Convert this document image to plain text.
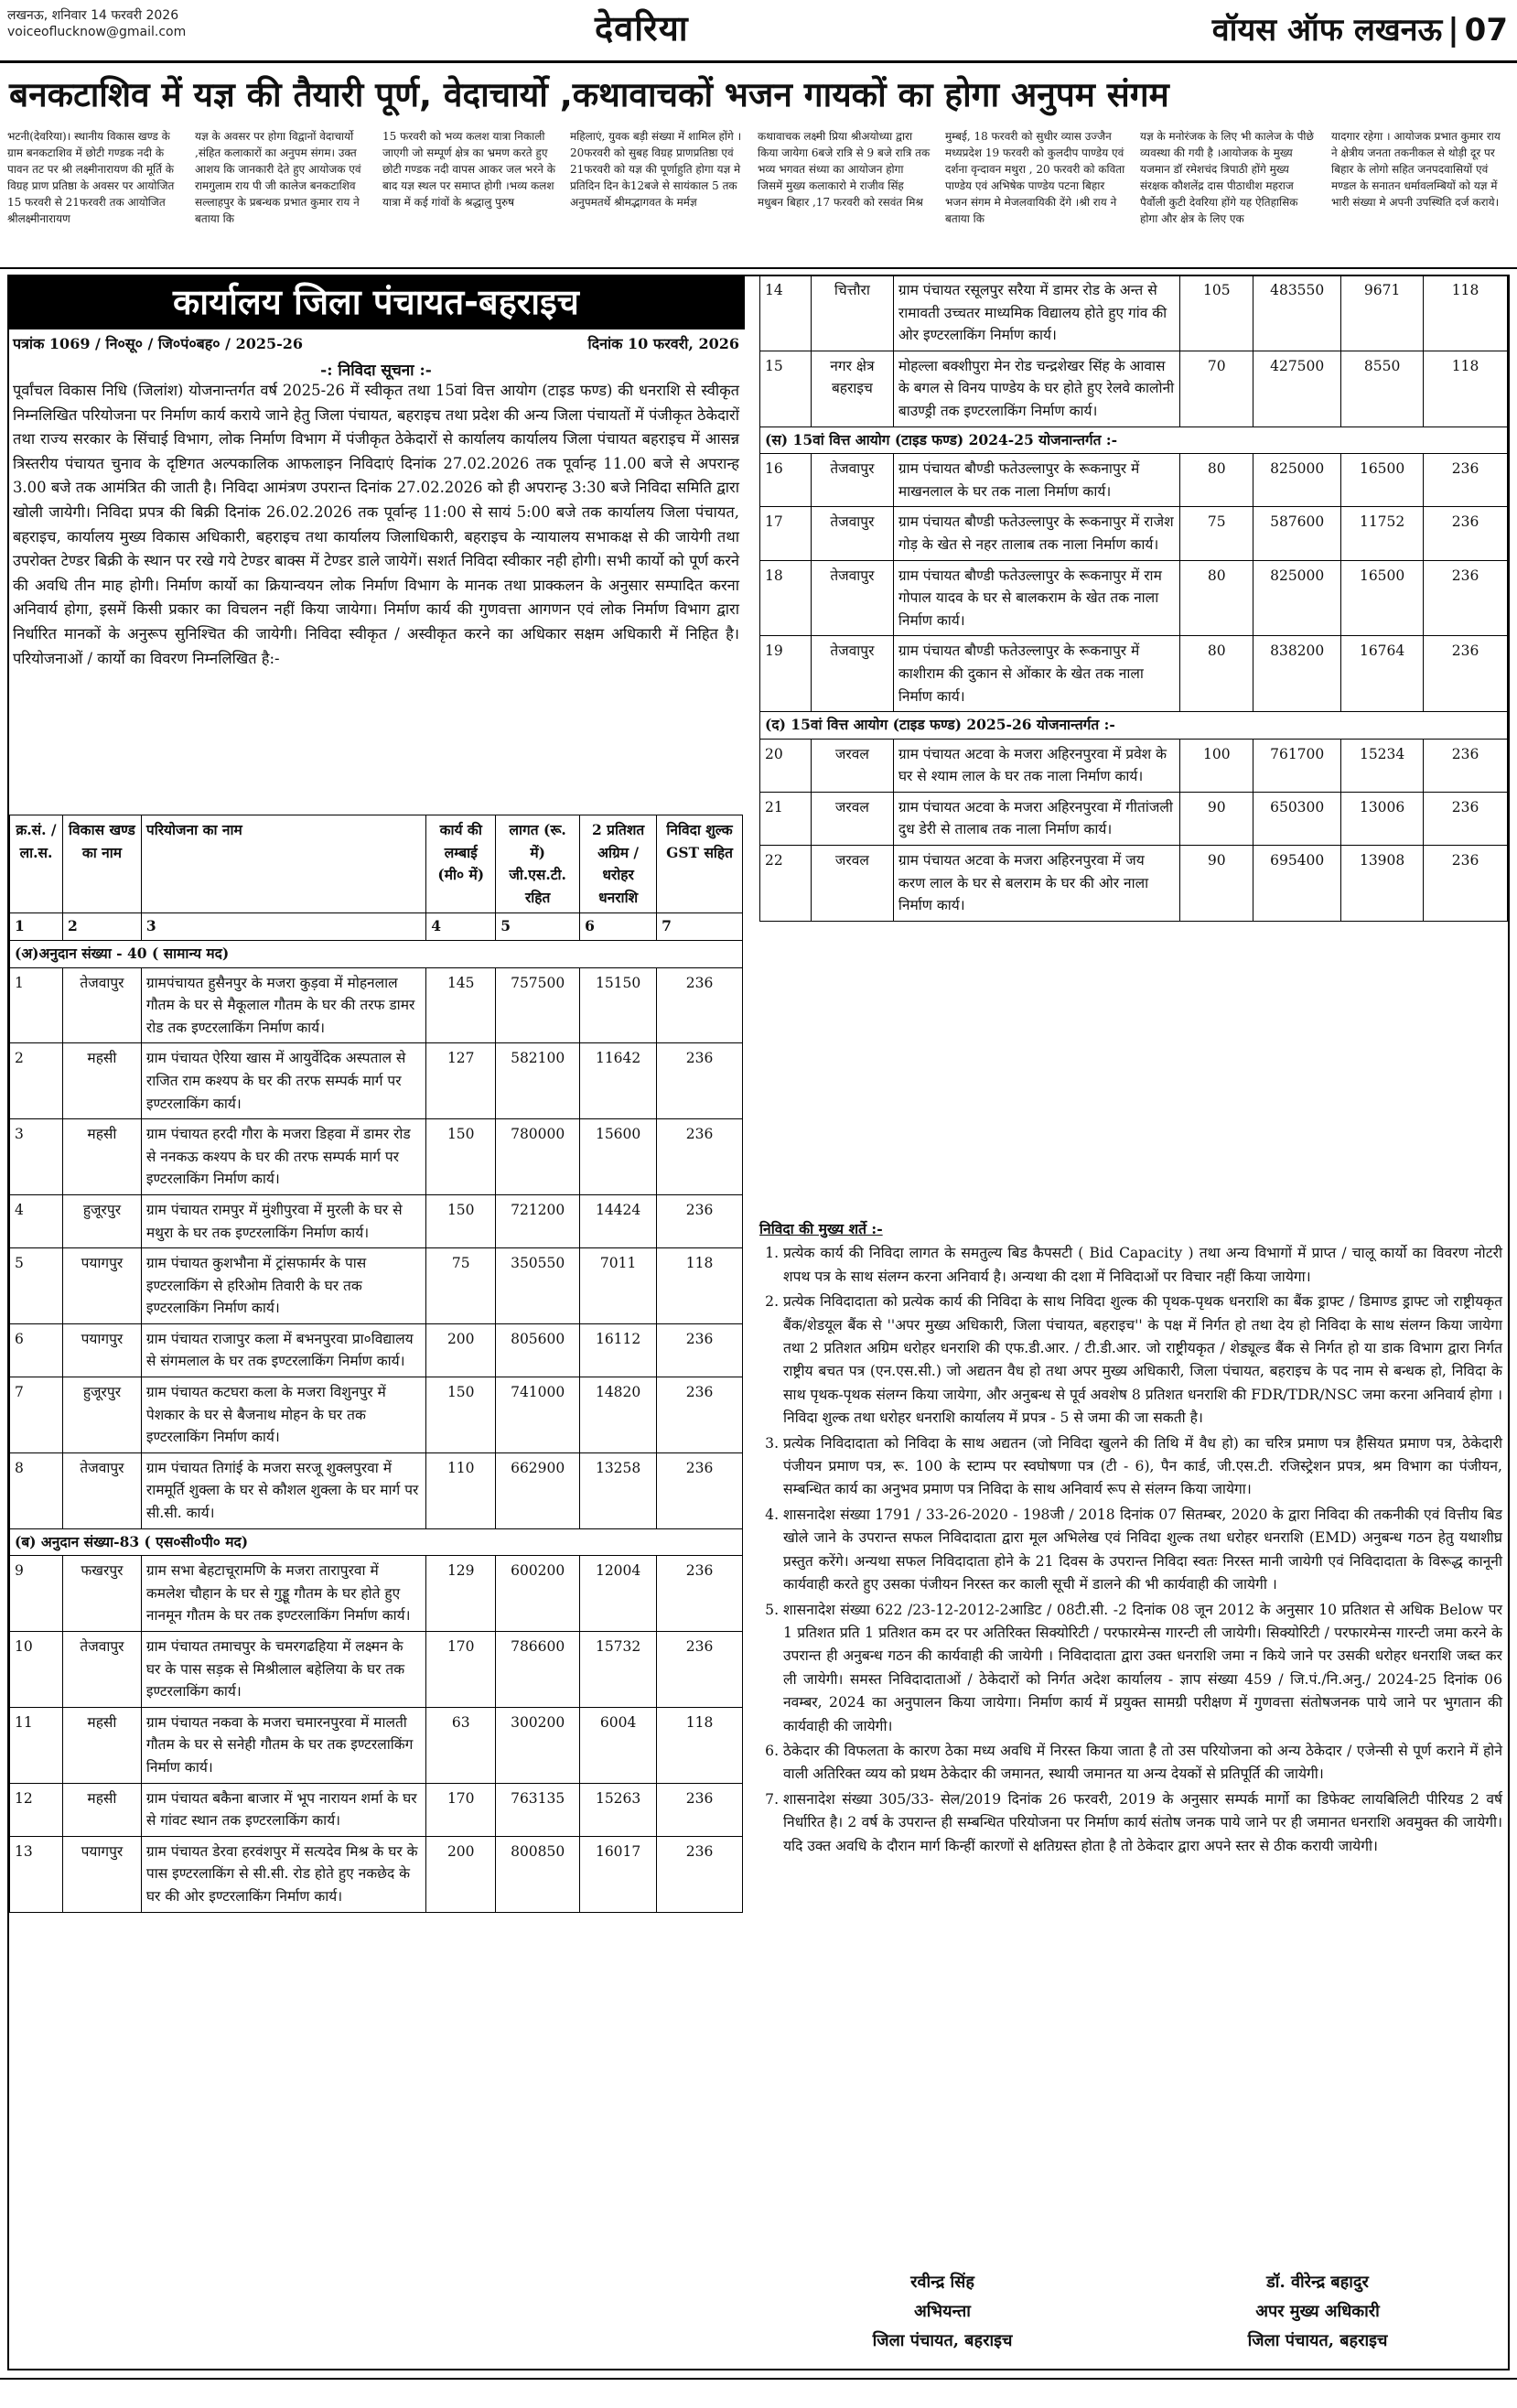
लखनऊ, शनिवार 14 फरवरी 2026
voiceoflucknow@gmail.com	देवरिया	वॉयस ऑफ लखनऊ | 07
बनकटाशिव में यज्ञ की तैयारी पूर्ण, वेदाचार्यो ,कथावाचकों भजन गायकों का होगा अनुपम संगम
भटनी(देवरिया)। स्थानीय विकास खण्ड के ग्राम बनकटाशिव में छोटी गण्डक नदी के पावन तट पर श्री लक्ष्मीनारायण की मूर्ति के विग्रह प्राण प्रतिष्ठा के अवसर पर आयोजित 15 फरवरी से 21फरवरी तक आयोजित श्रीलक्ष्मीनारायण
यज्ञ के अवसर पर होगा विद्वानों वेदाचार्यो ,संहित कलाकारों का अनुपम संगम। उक्त आशय कि जानकारी देते हुए आयोजक एवं रामगुलाम राय पी जी कालेज बनकटाशिव सल्लाहपुर के प्रबन्धक प्रभात कुमार राय ने बताया कि
15 फरवरी को भव्य कलश यात्रा निकाली जाएगी जो सम्पूर्ण क्षेत्र का भ्रमण करते हुए छोटी गण्डक नदी वापस आकर जल भरने के बाद यज्ञ स्थल पर समाप्त होगी ।भव्य कलश यात्रा में कई गांवों के श्रद्धालु पुरुष
महिलाएं, युवक बड़ी संख्या में शामिल होंगे । 20फरवरी को सुबह विग्रह प्राणप्रतिष्ठा एवं 21फरवरी को यज्ञ की पूर्णाहुति होगा यज्ञ मे प्रतिदिन दिन के12बजे से सायंकाल 5 तक अनुपमतर्थे श्रीमद्भागवत के मर्मज्ञ
कथावाचक लक्ष्मी प्रिया श्रीअयोध्या द्वारा किया जायेगा 6बजे रात्रि से 9 बजे रात्रि तक भव्य भगवत संध्या का आयोजन होगा जिसमें मुख्य कलाकारो मे राजीव सिंह मधुबन बिहार ,17 फरवरी को रसवंत मिश्र
मुम्बई, 18 फरवरी को सुधीर व्यास उज्जैन मध्यप्रदेश 19 फरवरी को कुलदीप पाण्डेय एवं दर्शना वृन्दावन मथुरा , 20 फरवरी को कविता पाण्डेय एवं अभिषेक पाण्डेय पटना बिहार भजन संगम मे मेजलवायिकी देंगे ।श्री राय ने बताया कि
यज्ञ के मनोरंजक के लिए भी कालेज के पीछे व्यवस्था की गयी है ।आयोजक के मुख्य यजमान डॉ रमेशचंद त्रिपाठी होंगे मुख्य संरक्षक कौशलेंद्र दास पीठाधीश महराज पैर्वोली कुटी देवरिया होंगे यह ऐतिहासिक होगा और क्षेत्र के लिए एक
यादगार रहेगा । आयोजक प्रभात कुमार राय ने क्षेत्रीय जनता तकनीकल से थोड़ी दूर पर बिहार के लोगो सहित जनपदवासियों एवं मण्डल के सनातन धर्मावलम्बियों को यज्ञ में भारी संख्या मे अपनी उपस्थिति दर्ज कराये।
कार्यालय जिला पंचायत-बहराइच
पत्रांक 1069 / नि०सू० / जि०पं०बह० / 2025-26	दिनांक 10 फरवरी, 2026
-: निविदा सूचना :-
पूर्वांचल विकास निधि (जिलांश) योजनान्तर्गत वर्ष 2025-26 में स्वीकृत तथा 15वां वित्त आयोग (टाइड फण्ड) की धनराशि से स्वीकृत निम्नलिखित परियोजना पर निर्माण कार्य कराये जाने हेतु जिला पंचायत, बहराइच तथा प्रदेश की अन्य जिला पंचायतों में पंजीकृत ठेकेदारों तथा राज्य सरकार के सिंचाई विभाग, लोक निर्माण विभाग में पंजीकृत ठेकेदारों से कार्यालय कार्यालय जिला पंचायत बहराइच में आसन्न त्रिस्तरीय पंचायत चुनाव के दृष्टिगत अल्पकालिक आफलाइन निविदाएं दिनांक 27.02.2026 तक पूर्वान्ह 11.00 बजे से अपरान्ह 3.00 बजे तक आमंत्रित की जाती है। निविदा आमंत्रण उपरान्त दिनांक 27.02.2026 को ही अपरान्ह 3:30 बजे निविदा समिति द्वारा खोली जायेगी। निविदा प्रपत्र की बिक्री दिनांक 26.02.2026 तक पूर्वान्ह 11:00 से सायं 5:00 बजे तक कार्यालय जिला पंचायत, बहराइच, कार्यालय मुख्य विकास अधिकारी, बहराइच तथा कार्यालय जिलाधिकारी, बहराइच के न्यायालय सभाकक्ष से की जायेगी तथा उपरोक्त टेण्डर बिक्री के स्थान पर रखे गये टेण्डर बाक्स में टेण्डर डाले जायेगें। सशर्त निविदा स्वीकार नही होगी। सभी कार्यो को पूर्ण करने की अवधि तीन माह होगी। निर्माण कार्यो का क्रियान्वयन लोक निर्माण विभाग के मानक तथा प्राक्कलन के अनुसार सम्पादित करना अनिवार्य होगा, इसमें किसी प्रकार का विचलन नहीं किया जायेगा। निर्माण कार्य की गुणवत्ता आगणन एवं लोक निर्माण विभाग द्वारा निर्धारित मानकों के अनुरूप सुनिश्चित की जायेगी। निविदा स्वीकृत / अस्वीकृत करने का अधिकार सक्षम अधिकारी में निहित है। परियोजनाओं / कार्यो का विवरण निम्नलिखित है:-
क्र.सं. /ला.स.	विकास खण्ड का नाम	परियोजना का नाम	कार्य की लम्बाई (मी० में)	लागत (रू. में) जी.एस.टी. रहित	2 प्रतिशत अग्रिम / धरोहर धनराशि	निविदा शुल्क GST सहित
1	2	3	4	5	6	7
(अ)अनुदान संख्या - 40 ( सामान्य मद)						
1	तेजवापुर	ग्रामपंचायत हुसैनपुर के मजरा कुड़वा में मोहनलाल गौतम के घर से मैकूलाल गौतम के घर की तरफ डामर रोड तक इण्टरलाकिंग निर्माण कार्य।	145	757500	15150	236
2	महसी	ग्राम पंचायत ऐरिया खास में आयुर्वेदिक अस्पताल से राजित राम कश्यप के घर की तरफ सम्पर्क मार्ग पर इण्टरलाकिंग कार्य।	127	582100	11642	236
3	महसी	ग्राम पंचायत हरदी गौरा के मजरा डिहवा में डामर रोड से ननकऊ कश्यप के घर की तरफ सम्पर्क मार्ग पर इण्टरलाकिंग निर्माण कार्य।	150	780000	15600	236
4	हुजूरपुर	ग्राम पंचायत रामपुर में मुंशीपुरवा में मुरली के घर से मथुरा के घर तक इण्टरलाकिंग निर्माण कार्य।	150	721200	14424	236
5	पयागपुर	ग्राम पंचायत कुशभौना में ट्रांसफार्मर के पास इण्टरलाकिंग से हरिओम तिवारी के घर तक इण्टरलाकिंग निर्माण कार्य।	75	350550	7011	118
6	पयागपुर	ग्राम पंचायत राजापुर कला में बभनपुरवा प्रा०विद्यालय से संगमलाल के घर तक इण्टरलाकिंग निर्माण कार्य।	200	805600	16112	236
7	हुजूरपुर	ग्राम पंचायत कटघरा कला के मजरा विशुनपुर में पेशकार के घर से बैजनाथ मोहन के घर तक इण्टरलाकिंग निर्माण कार्य।	150	741000	14820	236
8	तेजवापुर	ग्राम पंचायत तिगांई के मजरा सरजू शुक्लपुरवा में राममूर्ति शुक्ला के घर से कौशल शुक्ला के घर मार्ग पर सी.सी. कार्य।	110	662900	13258	236
(ब) अनुदान संख्या-83 ( एस०सी०पी० मद)						
9	फखरपुर	ग्राम सभा बेहटाचूरामणि के मजरा तारापुरवा में कमलेश चौहान के घर से गुड्डू गौतम के घर होते हुए नानमून गौतम के घर तक इण्टरलाकिंग निर्माण कार्य।	129	600200	12004	236
10	तेजवापुर	ग्राम पंचायत तमाचपुर के चमरगढहिया में लक्ष्मन के घर के पास सड़क से मिश्रीलाल बहेलिया के घर तक इण्टरलाकिंग कार्य।	170	786600	15732	236
11	महसी	ग्राम पंचायत नकवा के मजरा चमारनपुरवा में मालती गौतम के घर से सनेही गौतम के घर तक इण्टरलाकिंग निर्माण कार्य।	63	300200	6004	118
12	महसी	ग्राम पंचायत बकैना बाजार में भूप नारायन शर्मा के घर से गांवट स्थान तक इण्टरलाकिंग कार्य।	170	763135	15263	236
13	पयागपुर	ग्राम पंचायत डेरवा हरवंशपुर में सत्यदेव मिश्र के घर के पास इण्टरलाकिंग से सी.सी. रोड होते हुए नकछेद के घर की ओर इण्टरलाकिंग निर्माण कार्य।	200	800850	16017	236
14	चित्तौरा	ग्राम पंचायत रसूलपुर सरैया में डामर रोड के अन्त से रामावती उच्चतर माध्यमिक विद्यालय होते हुए गांव की ओर इण्टरलाकिंग निर्माण कार्य।	105	483550	9671	118
15	नगर क्षेत्र बहराइच	मोहल्ला बक्शीपुरा मेन रोड चन्द्रशेखर सिंह के आवास के बगल से विनय पाण्डेय के घर होते हुए रेलवे कालोनी बाउण्ड्री तक इण्टरलाकिंग निर्माण कार्य।	70	427500	8550	118
(स) 15वां वित्त आयोग (टाइड फण्ड) 2024-25 योजनान्तर्गत :-						
16	तेजवापुर	ग्राम पंचायत बौण्डी फतेउल्लापुर के रूकनापुर में माखनलाल के घर तक नाला निर्माण कार्य।	80	825000	16500	236
17	तेजवापुर	ग्राम पंचायत बौण्डी फतेउल्लापुर के रूकनापुर में राजेश गोड़ के खेत से नहर तालाब तक नाला निर्माण कार्य।	75	587600	11752	236
18	तेजवापुर	ग्राम पंचायत बौण्डी फतेउल्लापुर के रूकनापुर में राम गोपाल यादव के घर से बालकराम के खेत तक नाला निर्माण कार्य।	80	825000	16500	236
19	तेजवापुर	ग्राम पंचायत बौण्डी फतेउल्लापुर के रूकनापुर में काशीराम की दुकान से ओंकार के खेत तक नाला निर्माण कार्य।	80	838200	16764	236
(द) 15वां वित्त आयोग (टाइड फण्ड) 2025-26 योजनान्तर्गत :-						
20	जरवल	ग्राम पंचायत अटवा के मजरा अहिरनपुरवा में प्रवेश के घर से श्याम लाल के घर तक नाला निर्माण कार्य।	100	761700	15234	236
21	जरवल	ग्राम पंचायत अटवा के मजरा अहिरनपुरवा में गीतांजली दुध डेरी से तालाब तक नाला निर्माण कार्य।	90	650300	13006	236
22	जरवल	ग्राम पंचायत अटवा के मजरा अहिरनपुरवा में जय करण लाल के घर से बलराम के घर की ओर नाला निर्माण कार्य।	90	695400	13908	236
निविदा की मुख्य शर्ते :-
1. प्रत्येक कार्य की निविदा लागत के समतुल्य बिड कैपसटी ( Bid Capacity ) तथा अन्य विभागों में प्राप्त / चालू कार्यो का विवरण नोटरी शपथ पत्र के साथ संलग्न करना अनिवार्य है। अन्यथा की दशा में निविदाओं पर विचार नहीं किया जायेगा।
2. प्रत्येक निविदादाता को प्रत्येक कार्य की निविदा के साथ निविदा शुल्क की पृथक-पृथक धनराशि का बैंक ड्राफ्ट / डिमाण्ड ड्राफ्ट जो राष्ट्रीयकृत बैंक/शेडयूल बैंक से ''अपर मुख्य अधिकारी, जिला पंचायत, बहराइच'' के पक्ष में निर्गत हो तथा देय हो निविदा के साथ संलग्न किया जायेगा तथा 2 प्रतिशत अग्रिम धरोहर धनराशि की एफ.डी.आर. / टी.डी.आर. जो राष्ट्रीयकृत / शेड्यूल्ड बैंक से निर्गत हो या डाक विभाग द्वारा निर्गत राष्ट्रीय बचत पत्र (एन.एस.सी.) जो अद्यतन वैध हो तथा अपर मुख्य अधिकारी, जिला पंचायत, बहराइच के पद नाम से बन्धक हो, निविदा के साथ पृथक-पृथक संलग्न किया जायेगा, और अनुबन्ध से पूर्व अवशेष 8 प्रतिशत धनराशि की FDR/TDR/NSC जमा करना अनिवार्य होगा । निविदा शुल्क तथा धरोहर धनराशि कार्यालय में प्रपत्र - 5 से जमा की जा सकती है।
3. प्रत्येक निविदादाता को निविदा के साथ अद्यतन (जो निविदा खुलने की तिथि में वैध हो) का चरित्र प्रमाण पत्र हैसियत प्रमाण पत्र, ठेकेदारी पंजीयन प्रमाण पत्र, रू. 100 के स्टाम्प पर स्वघोषणा पत्र (टी - 6), पैन कार्ड, जी.एस.टी. रजिस्ट्रेशन प्रपत्र, श्रम विभाग का पंजीयन, सम्बन्धित कार्य का अनुभव प्रमाण पत्र निविदा के साथ अनिवार्य रूप से संलग्न किया जायेगा।
4. शासनादेश संख्या 1791 / 33-26-2020 - 198जी / 2018 दिनांक 07 सितम्बर, 2020 के द्वारा निविदा की तकनीकी एवं वित्तीय बिड खोले जाने के उपरान्त सफल निविदादाता द्वारा मूल अभिलेख एवं निविदा शुल्क तथा धरोहर धनराशि (EMD) अनुबन्ध गठन हेतु यथाशीघ्र प्रस्तुत करेंगे। अन्यथा सफल निविदादाता होने के 21 दिवस के उपरान्त निविदा स्वतः निरस्त मानी जायेगी एवं निविदादाता के विरूद्ध कानूनी कार्यवाही करते हुए उसका पंजीयन निरस्त कर काली सूची में डालने की भी कार्यवाही की जायेगी ।
5. शासनादेश संख्या 622 /23-12-2012-2आडिट / 08टी.सी. -2 दिनांक 08 जून 2012 के अनुसार 10 प्रतिशत से अधिक Below पर 1 प्रतिशत प्रति 1 प्रतिशत कम दर पर अतिरिक्त सिक्योरिटी / परफारमेन्स गारन्टी ली जायेगी। सिक्योरिटी / परफारमेन्स गारन्टी जमा करने के उपरान्त ही अनुबन्ध गठन की कार्यवाही की जायेगी । निविदादाता द्वारा उक्त धनराशि जमा न किये जाने पर उसकी धरोहर धनराशि जब्त कर ली जायेगी। समस्त निविदादाताओं / ठेकेदारों को निर्गत अदेश कार्यालय - ज्ञाप संख्या 459 / जि.पं./नि.अनु./ 2024-25 दिनांक 06 नवम्बर, 2024 का अनुपालन किया जायेगा। निर्माण कार्य में प्रयुक्त सामग्री परीक्षण में गुणवत्ता संतोषजनक पाये जाने पर भुगतान की कार्यवाही की जायेगी।
6. ठेकेदार की विफलता के कारण ठेका मध्य अवधि में निरस्त किया जाता है तो उस परियोजना को अन्य ठेकेदार / एजेन्सी से पूर्ण कराने में होने वाली अतिरिक्त व्यय को प्रथम ठेकेदार की जमानत, स्थायी जमानत या अन्य देयकों से प्रतिपूर्ति की जायेगी।
7. शासनादेश संख्या 305/33- सेल/2019 दिनांक 26 फरवरी, 2019 के अनुसार सम्पर्क मार्गो का डिफेक्ट लायबिलिटी पीरियड 2 वर्ष निर्धारित है। 2 वर्ष के उपरान्त ही सम्बन्धित परियोजना पर निर्माण कार्य संतोष जनक पाये जाने पर ही जमानत धनराशि अवमुक्त की जायेगी। यदि उक्त अवधि के दौरान मार्ग किन्हीं कारणों से क्षतिग्रस्त होता है तो ठेकेदार द्वारा अपने स्तर से ठीक करायी जायेगी।
रवीन्द्र सिंह
अभियन्ता
जिला पंचायत, बहराइच
डॉ. वीरेन्द्र बहादुर
अपर मुख्य अधिकारी
जिला पंचायत, बहराइच
